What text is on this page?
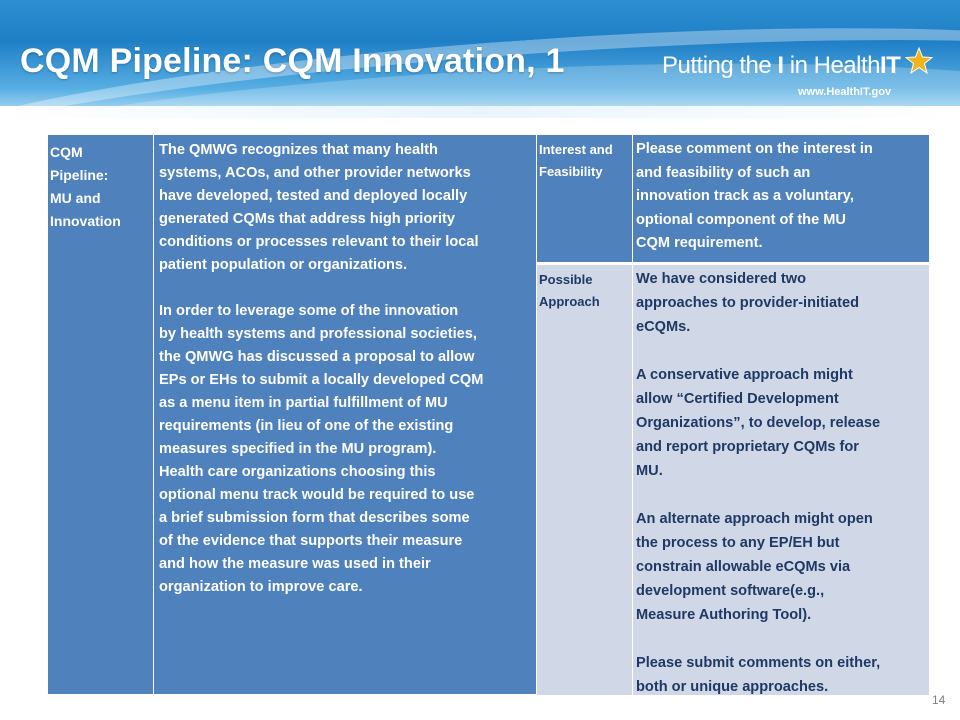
CQM Pipeline: CQM Innovation, 1	Putting the I in HealthIT
www.HealthIT.gov
CQM
Pipeline:
MU and
Innovation

The QMWG recognizes that many health

systems, ACOs, and other provider networks

have developed, tested and deployed locally

generated CQMs that address high priority

conditions or processes relevant to their local

patient population or organizations.

In order to leverage some of the innovation

by health systems and professional societies,

the QMWG has discussed a proposal to allow

EPs or EHs to submit a locally developed CQM

as a menu item in partial fulfillment of MU

requirements (in lieu of one of the existing

measures specified in the MU program).

Health care organizations choosing this

optional menu track would be required to use

a brief submission form that describes some

of the evidence that supports their measure

and how the measure was used in their

organization to improve care.

Interest and
Feasibility
Please comment on the interest in
and feasibility of such an
innovation track as a voluntary,
optional component of the MU
CQM requirement.
Possible
Approach
We have considered two
approaches to provider-initiated
eCQMs.
A conservative approach might
allow “Certified Development
Organizations”, to develop, release
and report proprietary CQMs for
MU.
An alternate approach might open
the process to any EP/EH but
constrain allowable eCQMs via
development software(e.g.,
Measure Authoring Tool).
Please submit comments on either,
both or unique approaches.
14
